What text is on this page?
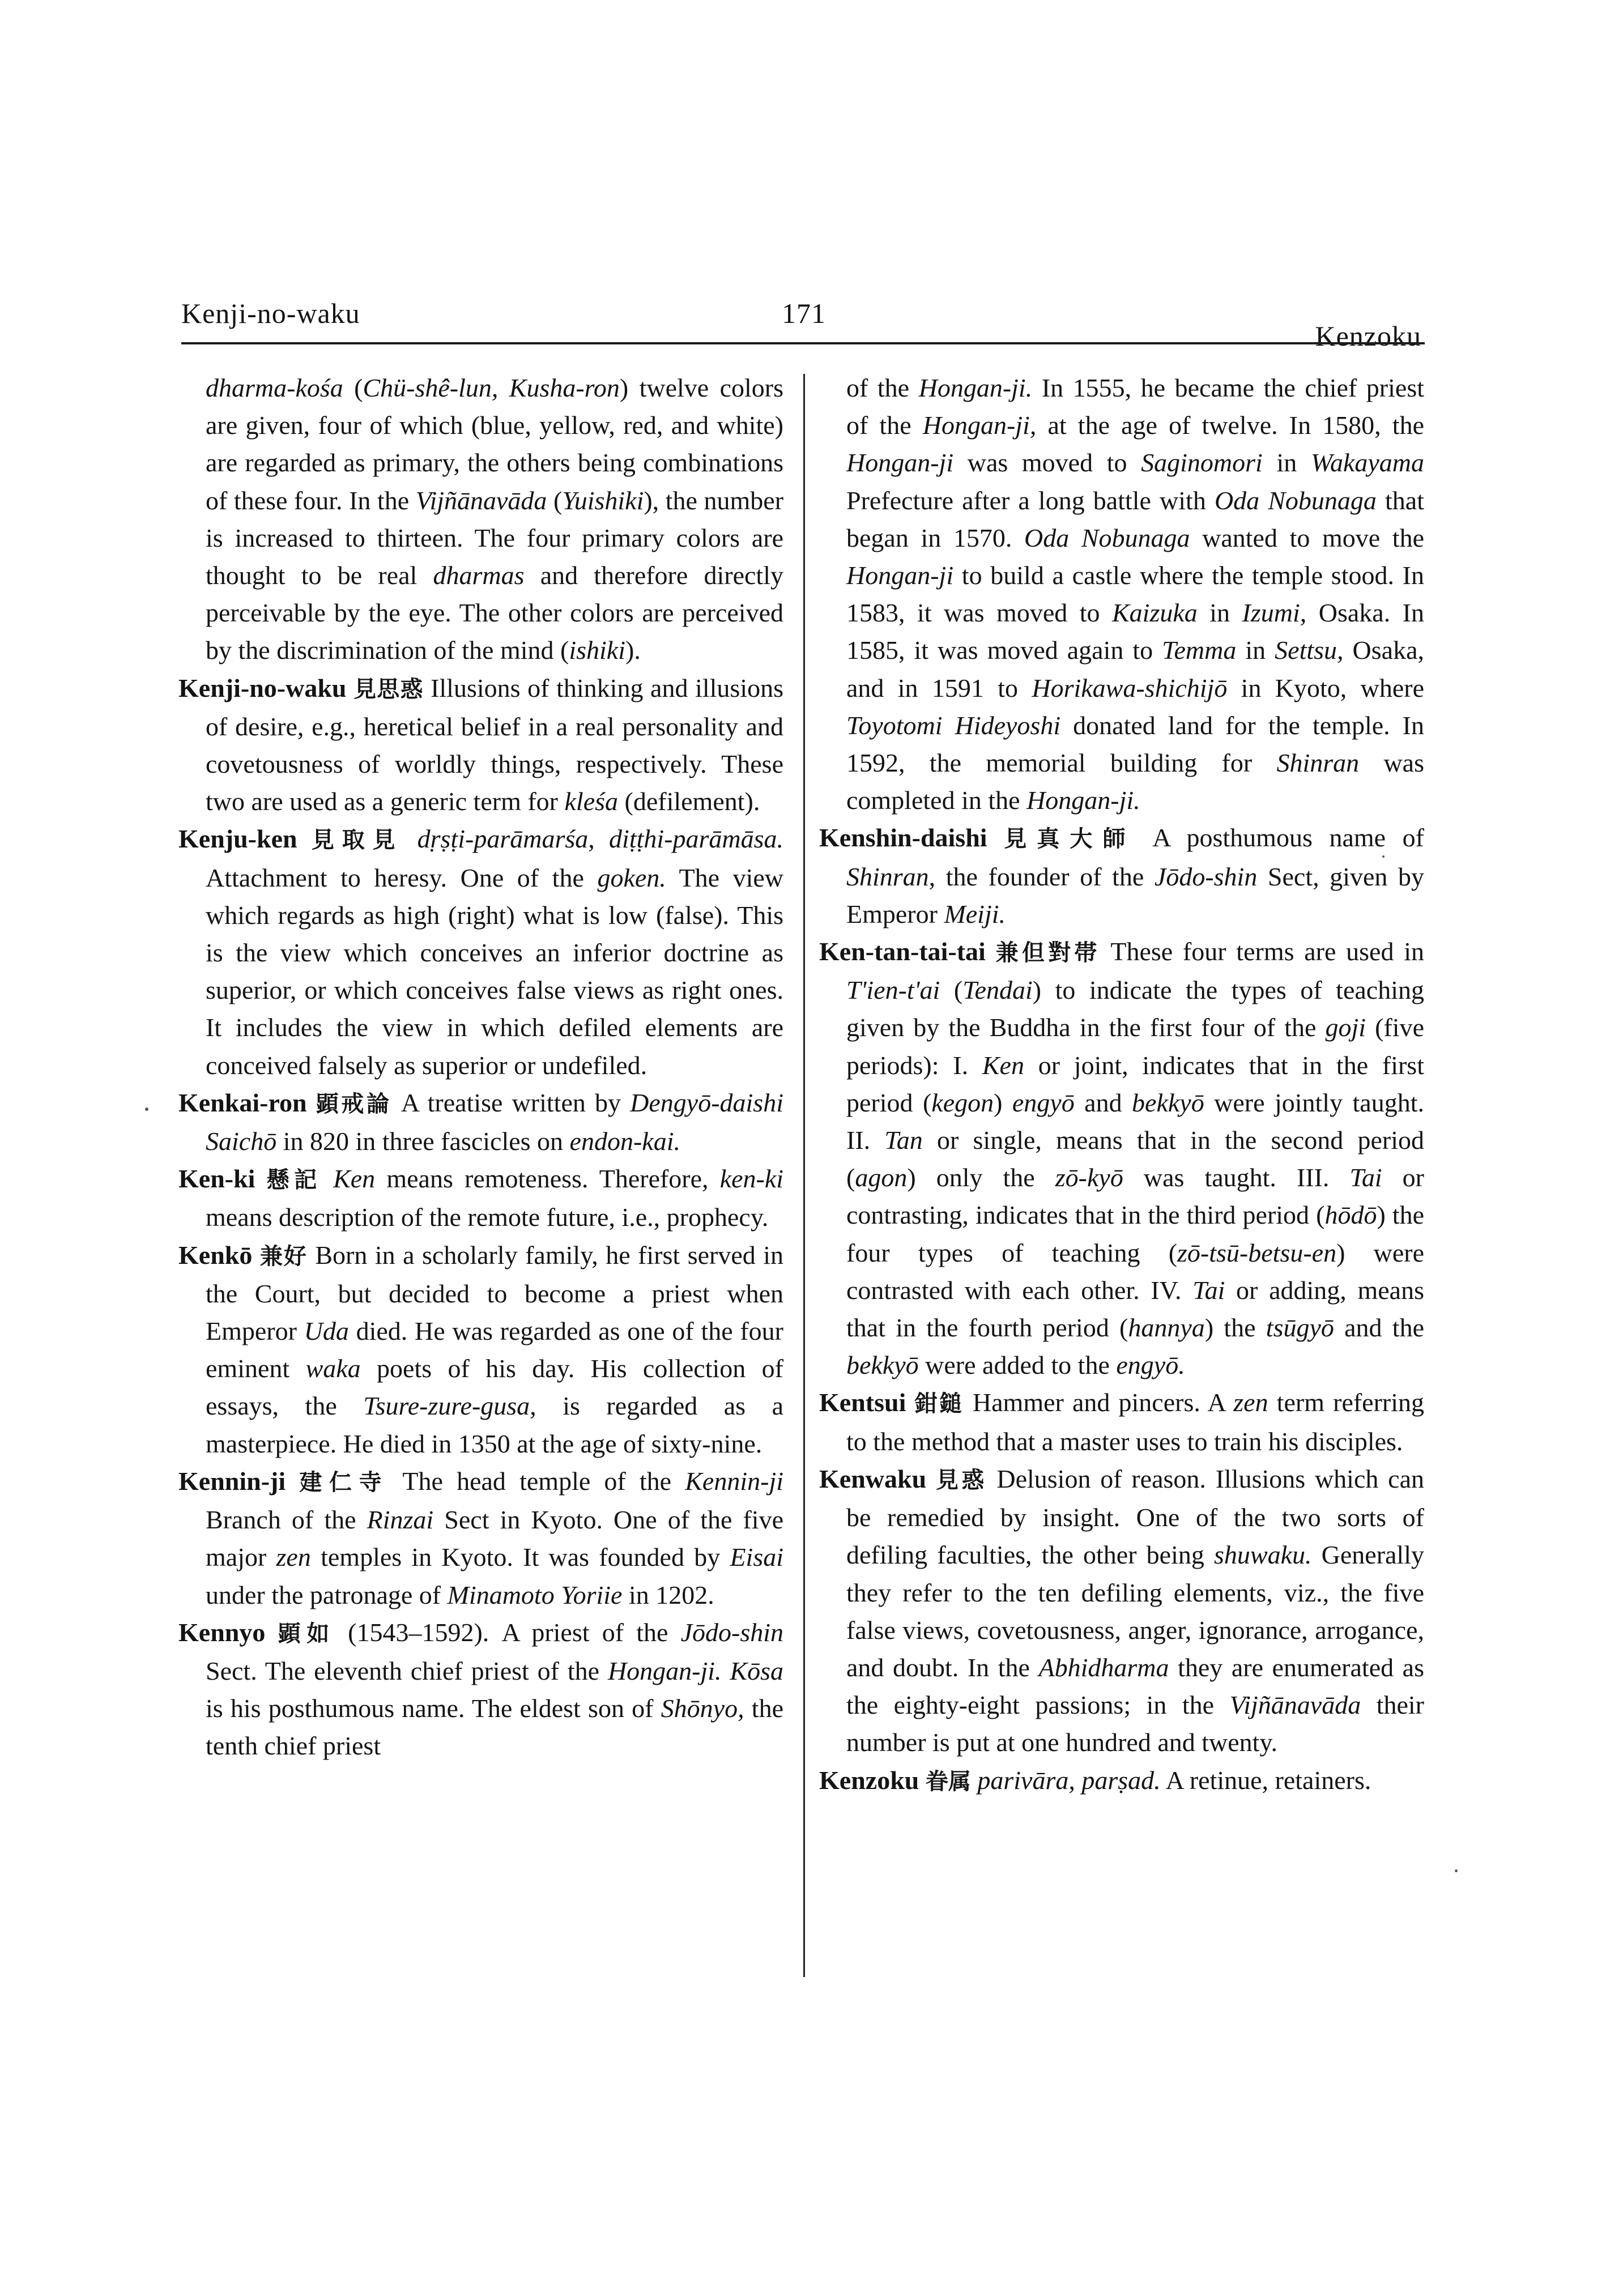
Kenji-no-waku	171
Kenzoku

dharma-kośa (Chü-shê-lun, Kusha-ron) twelve colors are given, four of which (blue, yellow, red, and white) are regarded as primary, the others being combinations of these four. In the Vijñānavāda (Yuishiki), the number is increased to thirteen. The four primary colors are thought to be real dharmas and therefore directly perceivable by the eye. The other colors are perceived by the discrimination of the mind (ishiki).

Kenji-no-waku 見思惑 Illusions of thinking and illusions of desire, e.g., heretical belief in a real personality and covetousness of worldly things, respectively. These two are used as a generic term for kleśa (defilement).

Kenju-ken 見取見 dṛṣṭi-parāmarśa, diṭṭhi-parāmāsa. Attachment to heresy. One of the goken. The view which regards as high (right) what is low (false). This is the view which conceives an inferior doctrine as superior, or which conceives false views as right ones. It includes the view in which defiled elements are conceived falsely as superior or undefiled.

Kenkai-ron 顕戒論 A treatise written by Dengyō-daishi Saichō in 820 in three fascicles on endon-kai.

Ken-ki 懸記 Ken means remoteness. Therefore, ken-ki means description of the remote future, i.e., prophecy.

Kenkō 兼好 Born in a scholarly family, he first served in the Court, but decided to become a priest when Emperor Uda died. He was regarded as one of the four eminent waka poets of his day. His collection of essays, the Tsure-zure-gusa, is regarded as a masterpiece. He died in 1350 at the age of sixty-nine.

Kennin-ji 建仁寺 The head temple of the Kennin-ji Branch of the Rinzai Sect in Kyoto. One of the five major zen temples in Kyoto. It was founded by Eisai under the patronage of Minamoto Yoriie in 1202.

Kennyo 顕如 (1543–1592). A priest of the Jōdo-shin Sect. The eleventh chief priest of the Hongan-ji. Kōsa is his posthumous name. The eldest son of Shōnyo, the tenth chief priest

of the Hongan-ji. In 1555, he became the chief priest of the Hongan-ji, at the age of twelve. In 1580, the Hongan-ji was moved to Saginomori in Wakayama Prefecture after a long battle with Oda Nobunaga that began in 1570. Oda Nobunaga wanted to move the Hongan-ji to build a castle where the temple stood. In 1583, it was moved to Kaizuka in Izumi, Osaka. In 1585, it was moved again to Temma in Settsu, Osaka, and in 1591 to Horikawa-shichijō in Kyoto, where Toyotomi Hideyoshi donated land for the temple. In 1592, the memorial building for Shinran was completed in the Hongan-ji.

Kenshin-daishi 見真大師 A posthumous name of Shinran, the founder of the Jōdo-shin Sect, given by Emperor Meiji.

Ken-tan-tai-tai 兼但對帯 These four terms are used in T'ien-t'ai (Tendai) to indicate the types of teaching given by the Buddha in the first four of the goji (five periods): I. Ken or joint, indicates that in the first period (kegon) engyō and bekkyō were jointly taught. II. Tan or single, means that in the second period (agon) only the zō-kyō was taught. III. Tai or contrasting, indicates that in the third period (hōdō) the four types of teaching (zō-tsū-betsu-en) were contrasted with each other. IV. Tai or adding, means that in the fourth period (hannya) the tsūgyō and the bekkyō were added to the engyō.

Kentsui 鉗鎚 Hammer and pincers. A zen term referring to the method that a master uses to train his disciples.

Kenwaku 見惑 Delusion of reason. Illusions which can be remedied by insight. One of the two sorts of defiling faculties, the other being shuwaku. Generally they refer to the ten defiling elements, viz., the five false views, covetousness, anger, ignorance, arrogance, and doubt. In the Abhidharma they are enumerated as the eighty-eight passions; in the Vijñānavāda their number is put at one hundred and twenty.

Kenzoku 眷属 parivāra, parṣad. A retinue, retainers.
